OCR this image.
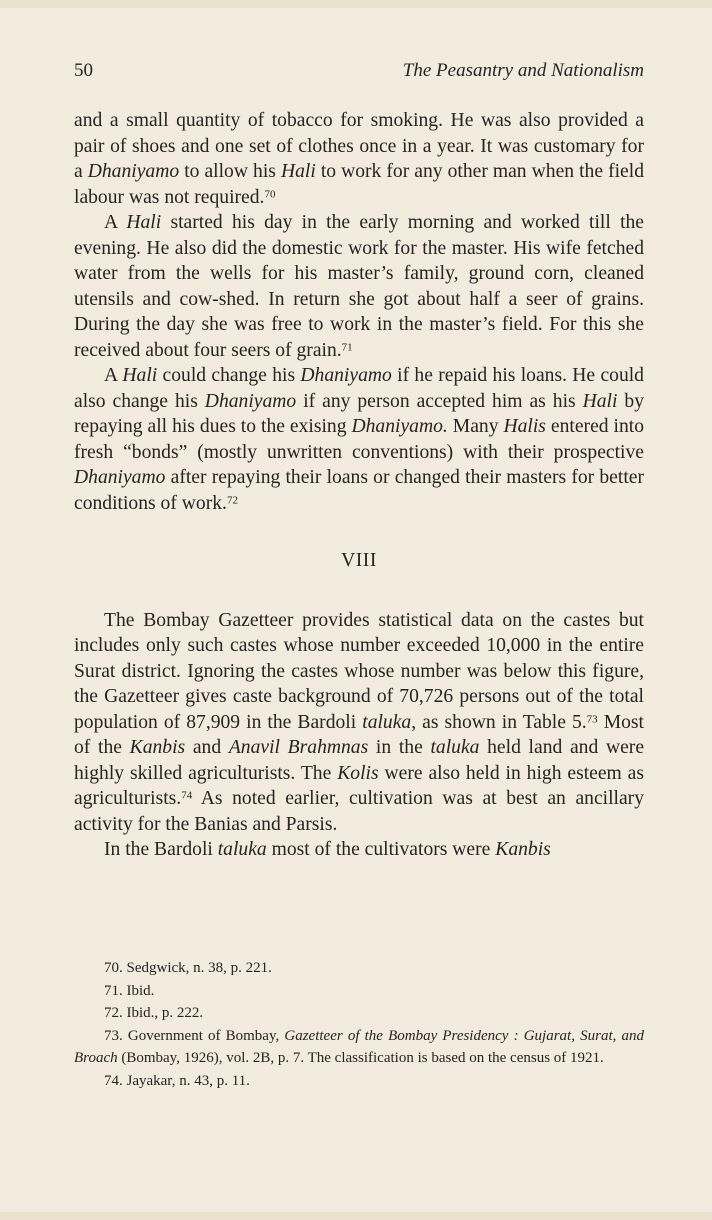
50	The Peasantry and Nationalism

and a small quantity of tobacco for smoking. He was also provided a pair of shoes and one set of clothes once in a year. It was customary for a Dhaniyamo to allow his Hali to work for any other man when the field labour was not required.$^{70}$

A Hali started his day in the early morning and worked till the evening. He also did the domestic work for the master. His wife fetched water from the wells for his master’s family, ground corn, cleaned utensils and cow-shed. In return she got about half a seer of grains. During the day she was free to work in the master’s field. For this she received about four seers of grain.$^{71}$

A Hali could change his Dhaniyamo if he repaid his loans. He could also change his Dhaniyamo if any person accepted him as his Hali by repaying all his dues to the exising Dhaniyamo. Many Halis entered into fresh “bonds” (mostly unwritten conventions) with their prospective Dhaniyamo after repaying their loans or changed their masters for better conditions of work.$^{72}$

VIII

The Bombay Gazetteer provides statistical data on the castes but includes only such castes whose number exceeded 10,000 in the entire Surat district. Ignoring the castes whose number was below this figure, the Gazetteer gives caste background of 70,726 persons out of the total population of 87,909 in the Bardoli taluka, as shown in Table 5.73 Most of the Kanbis and Anavil Brahmnas in the taluka held land and were highly skilled agriculturists. The Kolis were also held in high esteem as agriculturists.$^{74}$ As noted earlier, cultivation was at best an ancillary activity for the Banias and Parsis.

In the Bardoli taluka most of the cultivators were Kanbis

70. Sedgwick, n. 38, p. 221.

71. Ibid.

72. Ibid., p. 222.

73. Government of Bombay, Gazetteer of the Bombay Presidency : Gujarat, Surat, and Broach (Bombay, 1926), vol. 2B, p. 7. The classification is based on the census of 1921.

74. Jayakar, n. 43, p. 11.
